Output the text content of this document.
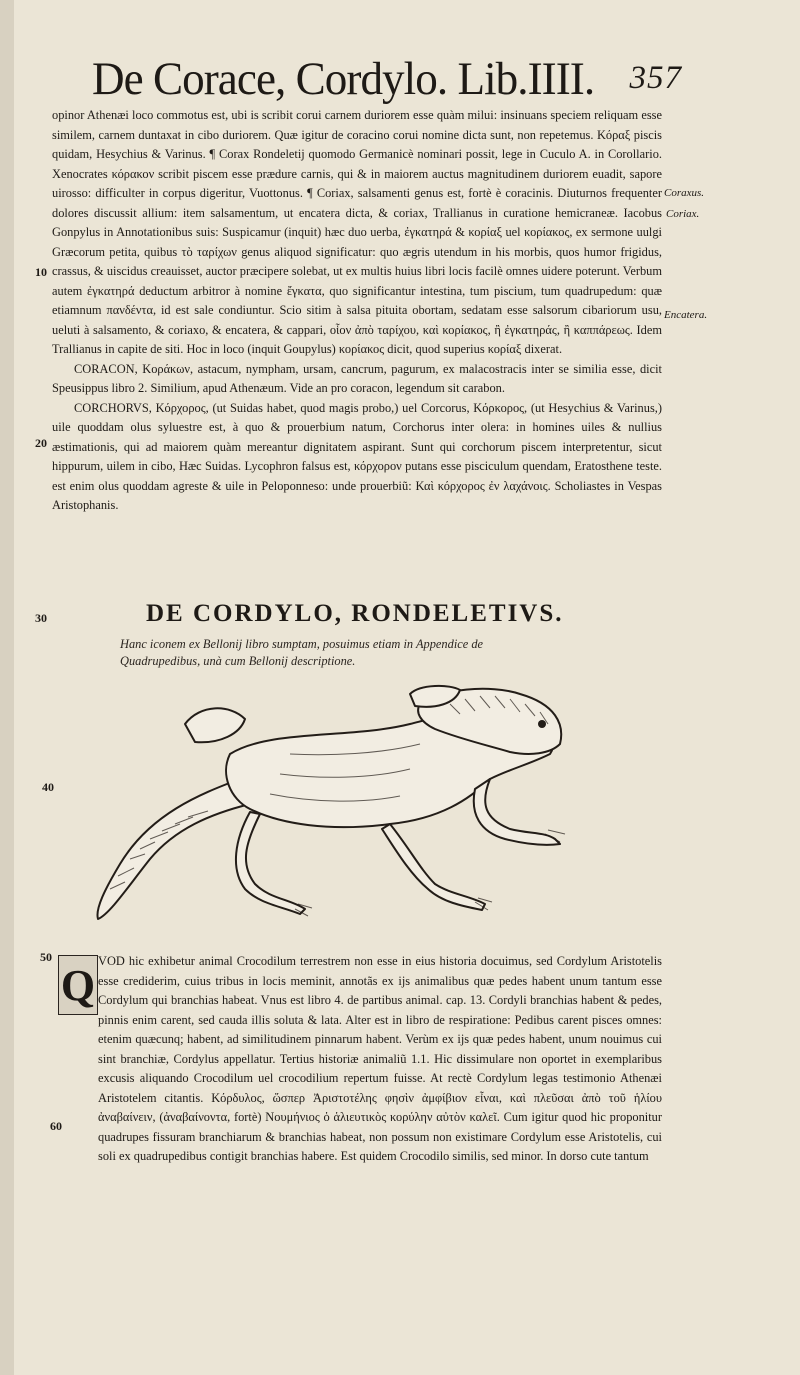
De Corace, Cordylo. Lib.IIII. 357

opinor Athenæi loco commotus est, ubi is scribit corui carnem duriorem esse quàm milui: insinuans speciem reliquam esse similem, carnem duntaxat in cibo duriorem. Quæ igitur de coracino corui nomine dicta sunt, non repetemus. Κόραξ piscis quidam, Hesychius & Varinus. ¶ Corax Rondeletij quomodo Germanicè nominari possit, lege in Cuculo A. in Corollario. Xenocrates κόρακον scribit piscem esse prædure carnis, qui & in maiorem auctus magnitudinem duriorem euadit, sapore uirosso: difficulter in corpus digeritur, Vuottonus. ¶ Coriax, salsamenti genus est, fortè è coracinis. Diuturnos frequenter dolores discussit allium: item salsamentum, ut encatera dicta, & coriax, Trallianus in curatione hemicraneæ. Iacobus Gonpylus in Annotationibus suis: Suspicamur (inquit) hæc duo uerba, ἐγκατηρά & κορίαξ uel κορίακος, ex sermone uulgi Græcorum petita, quibus τὸ ταρίχων genus aliquod significatur: quo ægris utendum in his morbis, quos humor frigidus, crassus, & uiscidus creauisset, auctor præcipere solebat, ut ex multis huius libri locis facilè omnes uidere poterunt. Verbum autem ἐγκατηρά deductum arbitror à nomine ἔγκατα, quo significantur intestina, tum piscium, tum quadrupedum: quæ etiamnum πανδέντα, id est sale condiuntur. Scio sitim à salsa pituita obortam, sedatam esse salsorum cibariorum usu, ueluti à salsamento, & coriaxo, & encatera, & cappari, οἷον ἀπὸ ταρίχου, καὶ κορίακος, ἢ ἐγκατηράς, ἢ καππάρεως. Idem Trallianus in capite de siti. Hoc in loco (inquit Goupylus) κορίακος dicit, quod superius κορίαξ dixerat.

CORACON, Κοράκων, astacum, nympham, ursam, cancrum, pagurum, ex malacostracis inter se similia esse, dicit Speusippus libro 2. Similium, apud Athenæum. Vide an pro coracon, legendum sit carabon.

CORCHORVS, Κόρχορος, (ut Suidas habet, quod magis probo,) uel Corcorus, Κόρκορος, (ut Hesychius & Varinus,) uile quoddam olus syluestre est, à quo & prouerbium natum, Corchorus inter olera: in homines uiles & nullius æstimationis, qui ad maiorem quàm mereantur dignitatem aspirant. Sunt qui corchorum piscem interpretentur, sicut hippurum, uilem in cibo, Hæc Suidas. Lycophron falsus est, κόρχορον putans esse pisciculum quendam, Eratosthene teste. est enim olus quoddam agreste & uile in Peloponneso: unde prouerbiũ: Καὶ κόρχορος ἐν λαχάνοις. Scholiastes in Vespas Aristophanis.

Coraxus.
Coriax.
Encatera.
10
20
30
40
50
60
DE CORDYLO, RONDELETIVS.
Hanc iconem ex Bellonij libro sumptam, posuimus etiam in Appendice de Quadrupedibus, unà cum Bellonij descriptione.
Q VOD hic exhibetur animal Crocodilum terrestrem non esse in eius historia docuimus, sed Cordylum Aristotelis esse crediderim, cuius tribus in locis meminit, annotãs ex ijs animalibus quæ pedes habent unum tantum esse Cordylum qui branchias habeat. Vnus est libro 4. de partibus animal. cap. 13. Cordyli branchias habent & pedes, pinnis enim carent, sed cauda illis soluta & lata. Alter est in libro de respiratione: Pedibus carent pisces omnes: etenim quæcunq; habent, ad similitudinem pinnarum habent. Verùm ex ijs quæ pedes habent, unum nouimus cui sint branchiæ, Cordylus appellatur. Tertius historiæ animaliũ 1.1. Hic dissimulare non oportet in exemplaribus excusis aliquando Crocodilum uel crocodilium repertum fuisse. At rectè Cordylum legas testimonio Athenæi Aristotelem citantis. Κόρδυλος, ὥσπερ Ἀριστοτέλης φησὶν ἀμφίβιον εἶναι, καὶ πλεῦσαι ἀπὸ τοῦ ἡλίου ἀναβαίνειν, (ἀναβαίνοντα, fortè) Νουμήνιος ὁ ἁλιευτικὸς κορύλην αὐτὸν καλεῖ. Cum igitur quod hic proponitur quadrupes fissuram branchiarum & branchias habeat, non possum non existimare Cordylum esse Aristotelis, cui soli ex quadrupedibus contigit branchias habere. Est quidem Crocodilo similis, sed minor. In dorso cute tantum
